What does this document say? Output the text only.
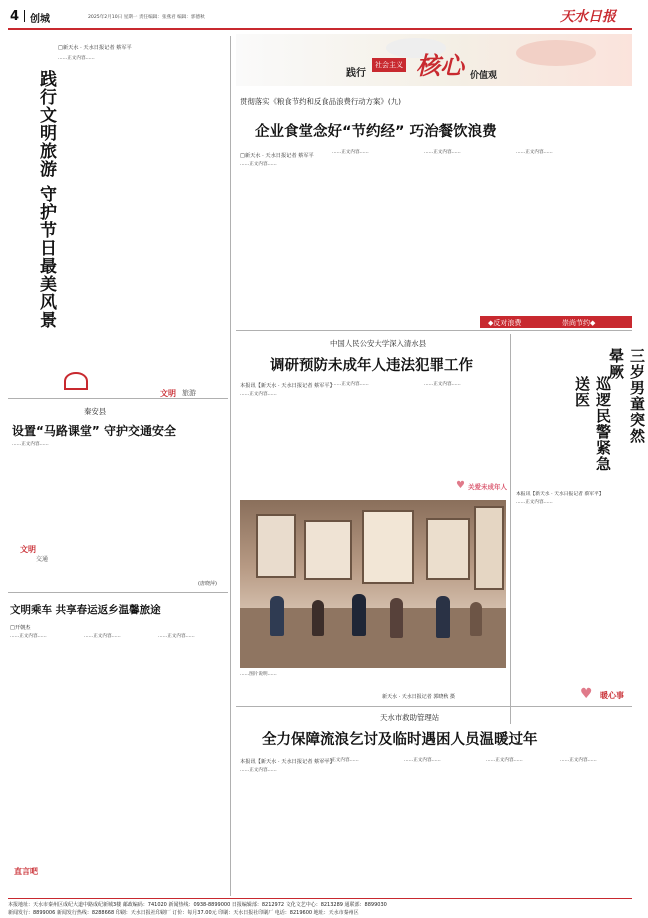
4 创城	2025年2月10日 星期一 责任编辑：张燕君 编辑：郭德秋	天水日报
□新天水 · 天水日报记者 蔡军平
践行文明旅游 守护节日最美风景
……正文内容……
文明 旅游
践行
社会主义 核心 价值观
贯彻落实《粮食节约和反食品浪费行动方案》(九)
企业食堂念好“节约经” 巧治餐饮浪费
□新天水 · 天水日报记者 蔡军平
……正文内容……
……正文内容……	……正文内容……	……正文内容……
◆反对浪费	崇尚节约◆
秦安县
设置“马路课堂” 守护交通安全
……正文内容……
文明
交通
(唐晓萍)
文明乘车 共享春运返乡温馨旅途
□开朝杰
……正文内容……	……正文内容……	……正文内容……
直言吧
中国人民公安大学深入清水县
调研预防未成年人违法犯罪工作
本报讯【新天水 · 天水日报记者 蔡军平】
……正文内容……
……正文内容……	……正文内容……
♥ 关爱未成年人
……图片说明……
新天水 · 天水日报记者 郭晓秋 摄
三岁男童突然晕厥
巡逻民警紧急送医
本报讯【新天水 · 天水日报记者 蔡军平】
……正文内容……
暖心事
♥
天水市救助管理站
全力保障流浪乞讨及临时遇困人员温暖过年
本报讯【新天水 · 天水日报记者 蔡军平】
……正文内容……
……正文内容……	……正文内容……	……正文内容……	……正文内容……
本报地址：天水市秦州区成纪大道中路成纪新城3楼 邮政编码：741020 新闻热线：0938-8899000 日报编辑部：8212972 文化文艺中心：8213289 通联部：8899030
新闻发行：8899006 新闻发行热线：8288668 印刷：天水日报社印刷厂 订价：每月37.00元 印刷：天水日报社印刷厂 电话：8219600 地址：天水市秦州区
